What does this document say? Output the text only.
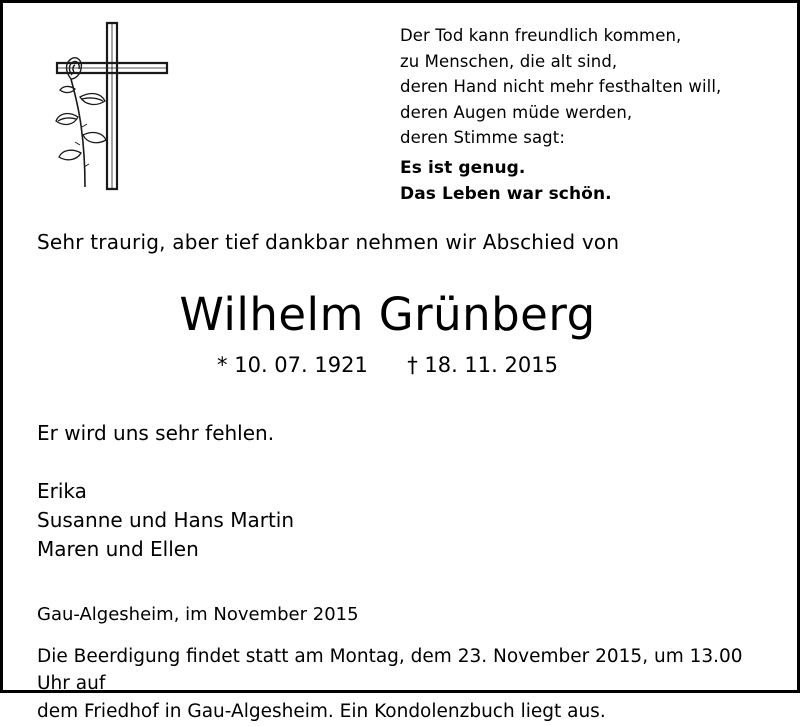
Der Tod kann freundlich kommen,
zu Menschen, die alt sind,
deren Hand nicht mehr festhalten will,
deren Augen müde werden,
deren Stimme sagt:
Es ist genug.
Das Leben war schön.
Sehr traurig, aber tief dankbar nehmen wir Abschied von
Wilhelm Grünberg
* 10. 07. 1921 † 18. 11. 2015
Er wird uns sehr fehlen.
Erika
Susanne und Hans Martin
Maren und Ellen
Gau-Algesheim, im November 2015
Die Beerdigung findet statt am Montag, dem 23. November 2015, um 13.00 Uhr auf
dem Friedhof in Gau-Algesheim. Ein Kondolenzbuch liegt aus.
